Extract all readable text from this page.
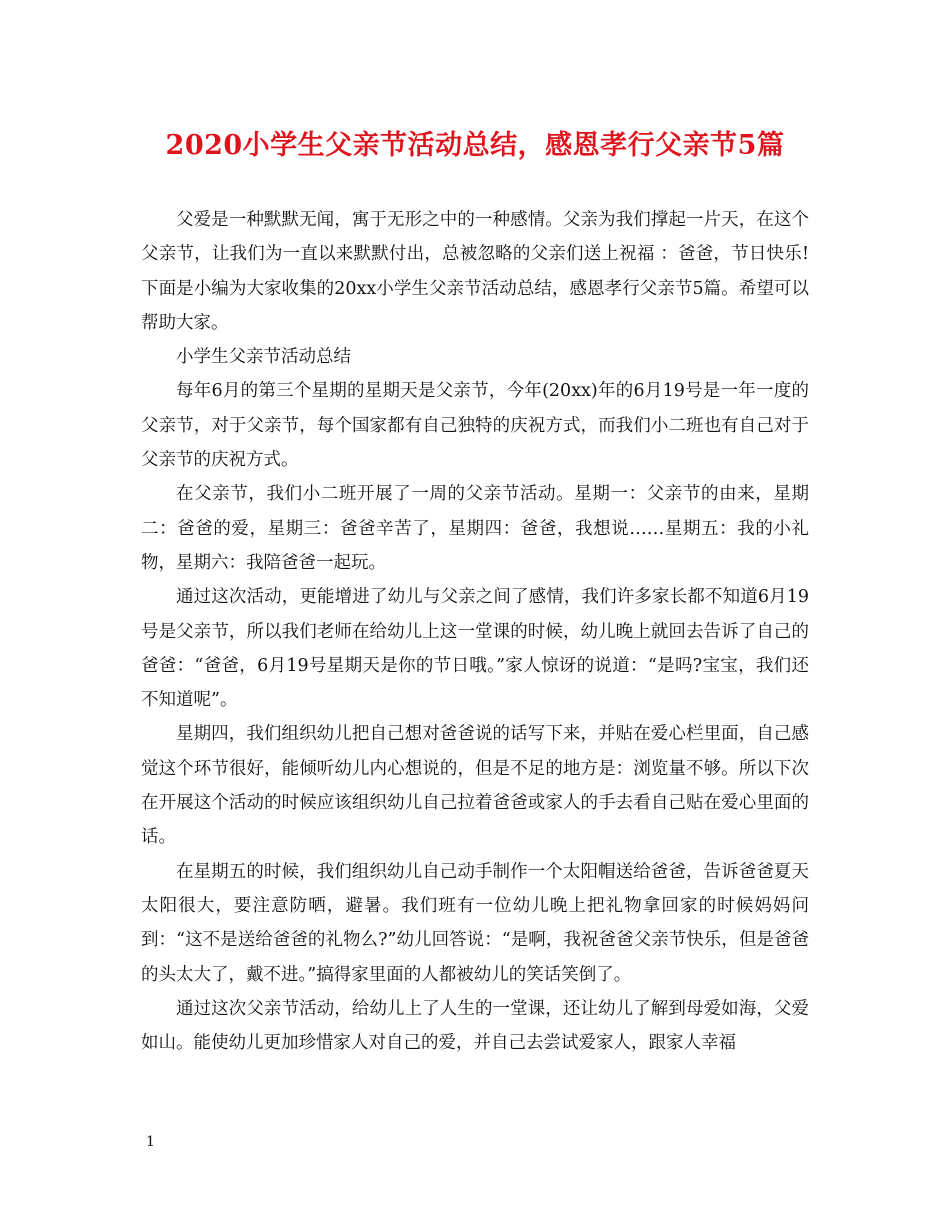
2020小学生父亲节活动总结，感恩孝行父亲节5篇

父爱是一种默默无闻，寓于无形之中的一种感情。父亲为我们撑起一片天，在这个父亲节，让我们为一直以来默默付出，总被忽略的父亲们送上祝福 ：爸爸，节日快乐!下面是小编为大家收集的20xx小学生父亲节活动总结，感恩孝行父亲节5篇。希望可以帮助大家。

小学生父亲节活动总结

每年6月的第三个星期的星期天是父亲节，今年(20xx)年的6月19号是一年一度的父亲节，对于父亲节，每个国家都有自己独特的庆祝方式，而我们小二班也有自己对于父亲节的庆祝方式。

在父亲节，我们小二班开展了一周的父亲节活动。星期一：父亲节的由来，星期二：爸爸的爱，星期三：爸爸辛苦了，星期四：爸爸，我想说……星期五：我的小礼物，星期六：我陪爸爸一起玩。

通过这次活动，更能增进了幼儿与父亲之间了感情，我们许多家长都不知道6月19号是父亲节，所以我们老师在给幼儿上这一堂课的时候，幼儿晚上就回去告诉了自己的爸爸：“爸爸，6月19号星期天是你的节日哦。”家人惊讶的说道：“是吗?宝宝，我们还不知道呢”。

星期四，我们组织幼儿把自己想对爸爸说的话写下来，并贴在爱心栏里面，自己感觉这个环节很好，能倾听幼儿内心想说的，但是不足的地方是：浏览量不够。所以下次在开展这个活动的时候应该组织幼儿自己拉着爸爸或家人的手去看自己贴在爱心里面的话。

在星期五的时候，我们组织幼儿自己动手制作一个太阳帽送给爸爸，告诉爸爸夏天太阳很大，要注意防晒，避暑。我们班有一位幼儿晚上把礼物拿回家的时候妈妈问到：“这不是送给爸爸的礼物么?”幼儿回答说：“是啊，我祝爸爸父亲节快乐，但是爸爸的头太大了，戴不进。”搞得家里面的人都被幼儿的笑话笑倒了。

通过这次父亲节活动，给幼儿上了人生的一堂课，还让幼儿了解到母爱如海，父爱如山。能使幼儿更加珍惜家人对自己的爱，并自己去尝试爱家人，跟家人幸福

1
